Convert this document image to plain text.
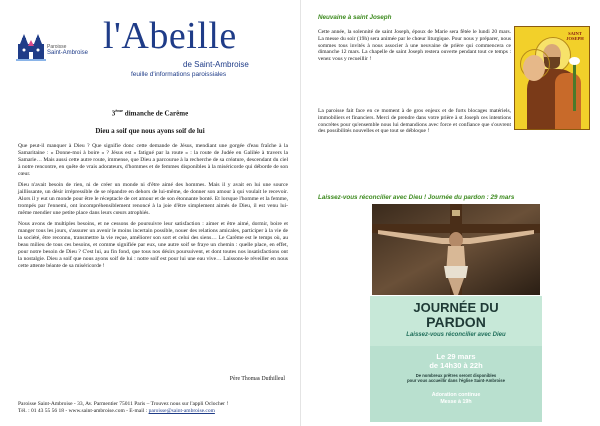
Paroisse
Saint-Ambroise l'Abeille
de Saint-Ambroise
feuille d'informations paroissiales
3ème dimanche de Carême
Dieu a soif que nous ayons soif de lui

Que peut-il manquer à Dieu ? Que signifie donc cette demande de Jésus, mendiant une gorgée d'eau fraîche à la Samaritaine : « Donne-moi à boire » ? Jésus est « fatigué par la route » : la route de Judée en Galilée à travers la Samarie… Mais aussi cette autre route, immense, que Dieu a parcourue à la recherche de sa créature, descendant du ciel à notre rencontre, en quête de vrais adorateurs, d'hommes et de femmes disponibles à la miséricorde qui déborde de son cœur.

Dieu n'avait besoin de rien, ni de créer un monde ni d'être aimé des hommes. Mais il y avait en lui une source jaillissante, un désir irrépressible de se répandre en dehors de lui-même, de donner son amour à qui voulait le recevoir. Alors il y eut un monde pour être le réceptacle de cet amour et de son étonnante bonté. Et lorsque l'homme et la femme, trompés par l'ennemi, ont incompréhensiblement renoncé à la joie d'être simplement aimés de Dieu, il est venu lui-même mendier une petite place dans leurs cœurs atrophiés.

Nous avons de multiples besoins, et ne cessons de poursuivre leur satisfaction : aimer et être aimé, dormir, boire et manger tous les jours, s'assurer un avenir le moins incertain possible, nouer des relations amicales, participer à la vie de la société, être reconnu, transmettre la vie reçue, améliorer son sort et celui des siens… Le Carême est le temps où, au beau milieu de tous ces besoins, et comme signifiée par eux, une autre soif se fraye un chemin : quelle place, en effet, pour notre besoin de Dieu ? C'est lui, au fin fond, que tous nos désirs poursuivent, et dont toutes nos insatisfactions ont la nostalgie. Dieu a soif que nous ayons soif de lui : notre soif est pour lui une eau vive… Laissons-le réveiller en nous cette attente béante de sa miséricorde !

Père Thomas Duthilleul
Paroisse Saint-Ambroise - 33, Av. Parmentier 75011 Paris – Trouvez nous sur l'appli Oclocher !
Tél. : 01 43 55 56 18 - www.saint-ambroise.com - E-mail : paroisse@saint-ambroise.com
Neuvaine à saint Joseph

Cette année, la solennité de saint Joseph, époux de Marie sera fêtée le lundi 20 mars. La messe du soir (19h) sera animée par le chœur liturgique. Pour nous y préparer, nous sommes tous invités à nous associer à une neuvaine de prière qui commencera ce dimanche 12 mars. La chapelle de saint Joseph restera ouverte pendant tout ce temps : venez vous y recueillir !

La paroisse fait face en ce moment à de gros enjeux et de forts blocages matériels, immobiliers et financiers. Merci de prendre dans votre prière à st Joseph ces intentions concrètes pour qu'ensemble nous lui demandions avec force et confiance que s'ouvrent des possibilités nouvelles et que tout se débloque !

SAINT
JOSEPH
Laissez-vous réconcilier avec Dieu ! Journée du pardon : 29 mars
JOURNÉE DU
PARDON
Laissez-vous réconcilier avec Dieu
Le 29 mars
de 14h30 à 22h
De nombreux prêtres seront disponibles
pour vous accueillir dans l'église Saint-Ambroise
Adoration continue
Messe à 19h
